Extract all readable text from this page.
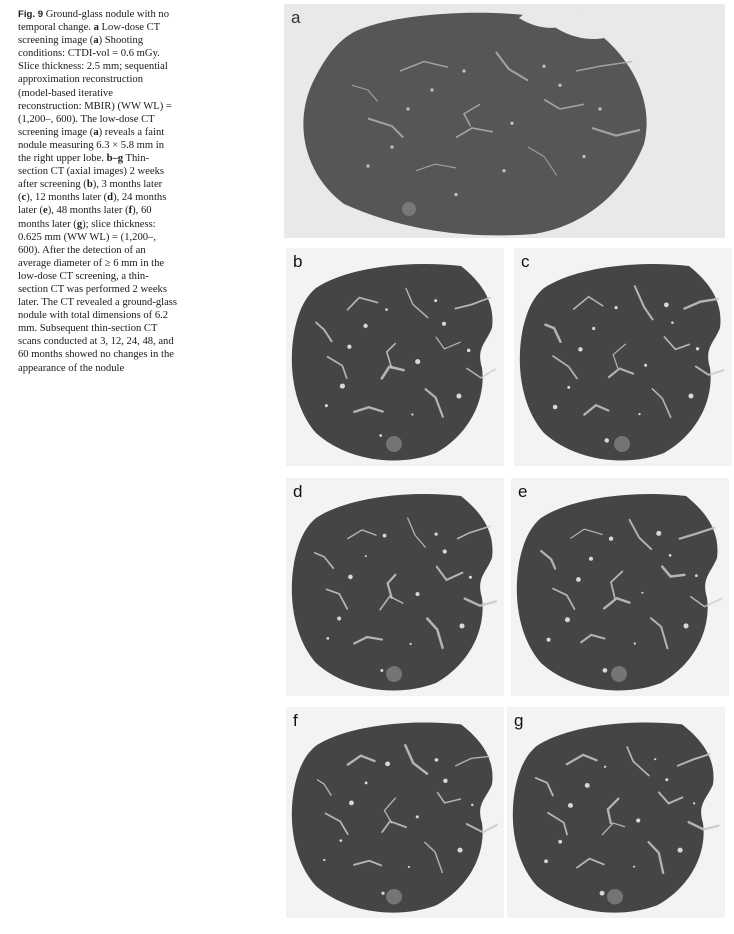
Fig. 9 Ground-glass nodule with no temporal change. a Low-dose CT screening image (a) Shooting conditions: CTDI-vol = 0.6 mGy. Slice thickness: 2.5 mm; sequential approximation reconstruction (model-based iterative reconstruction: MBIR) (WW WL) = (1,200–, 600). The low-dose CT screening image (a) reveals a faint nodule measuring 6.3 × 5.8 mm in the right upper lobe. b–g Thin-section CT (axial images) 2 weeks after screening (b), 3 months later (c), 12 months later (d), 24 months later (e), 48 months later (f), 60 months later (g); slice thickness: 0.625 mm (WW WL) = (1,200–, 600). After the detection of an average diameter of ≥ 6 mm in the low-dose CT screening, a thin-section CT was performed 2 weeks later. The CT revealed a ground-glass nodule with total dimensions of 6.2 mm. Subsequent thin-section CT scans conducted at 3, 12, 24, 48, and 60 months showed no changes in the appearance of the nodule

a
b	c
d	e
f	g
